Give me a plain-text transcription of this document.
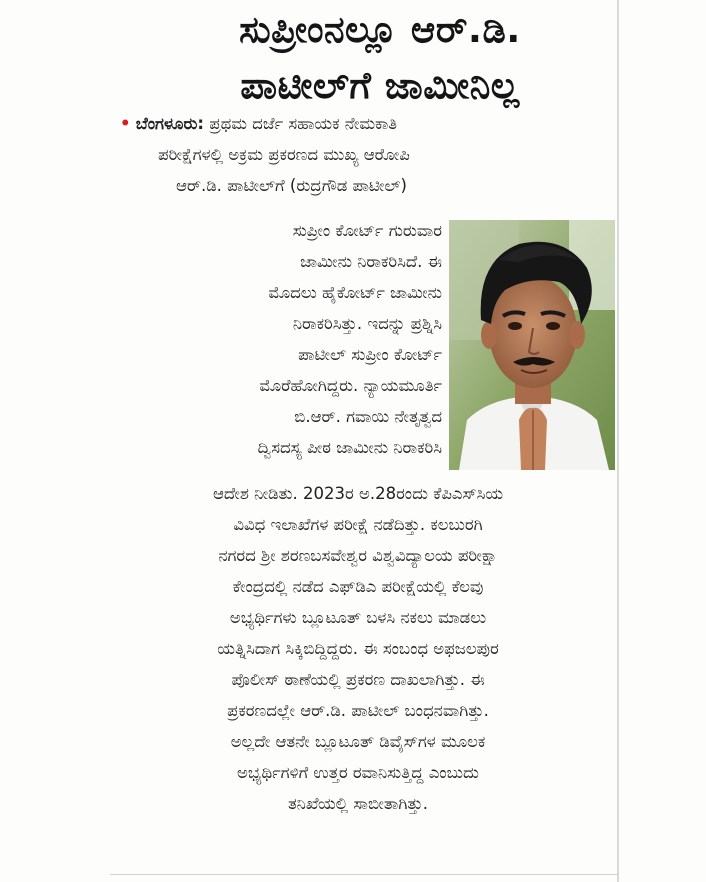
ಸುಪ್ರೀಂನಲ್ಲೂ ಆರ್.ಡಿ.
ಪಾಟೀಲ್‌ಗೆ ಜಾಮೀನಿಲ್ಲ
• ಬೆಂಗಳೂರು: ಪ್ರಥಮ ದರ್ಜೆ ಸಹಾಯಕ ನೇಮಕಾತಿ
ಪರೀಕ್ಷೆಗಳಲ್ಲಿ ಅಕ್ರಮ ಪ್ರಕರಣದ ಮುಖ್ಯ ಆರೋಪಿ
ಆರ್.ಡಿ. ಪಾಟೀಲ್‌ಗೆ (ರುದ್ರಗೌಡ ಪಾಟೀಲ್)
ಸುಪ್ರೀಂ ಕೋರ್ಟ್ ಗುರುವಾರ
ಜಾಮೀನು ನಿರಾಕರಿಸಿದೆ. ಈ
ಮೊದಲು ಹೈಕೋರ್ಟ್ ಜಾಮೀನು
ನಿರಾಕರಿಸಿತ್ತು. ಇದನ್ನು ಪ್ರಶ್ನಿಸಿ
ಪಾಟೀಲ್ ಸುಪ್ರೀಂ ಕೋರ್ಟ್
ಮೊರೆಹೋಗಿದ್ದರು. ನ್ಯಾಯಮೂರ್ತಿ
ಬಿ.ಆರ್. ಗವಾಯಿ ನೇತೃತ್ವದ
ದ್ವಿಸದಸ್ಯ ಪೀಠ ಜಾಮೀನು ನಿರಾಕರಿಸಿ
ಆದೇಶ ನೀಡಿತು. 2023ರ ಅ.28ರಂದು ಕೆಪಿಎಸ್‌ಸಿಯ
ವಿವಿಧ ಇಲಾಖೆಗಳ ಪರೀಕ್ಷೆ ನಡೆದಿತ್ತು. ಕಲಬುರಗಿ
ನಗರದ ಶ್ರೀ ಶರಣಬಸವೇಶ್ವರ ವಿಶ್ವವಿದ್ಯಾಲಯ ಪರೀಕ್ಷಾ
ಕೇಂದ್ರದಲ್ಲಿ ನಡೆದ ಎಫ್‌ಡಿಎ ಪರೀಕ್ಷೆಯಲ್ಲಿ ಕೆಲವು
ಅಭ್ಯರ್ಥಿಗಳು ಬ್ಲೂಟೂತ್ ಬಳಸಿ ನಕಲು ಮಾಡಲು
ಯತ್ನಿಸಿದಾಗ ಸಿಕ್ಕಿಬಿದ್ದಿದ್ದರು. ಈ ಸಂಬಂಧ ಅಫಜಲಪುರ
ಪೊಲೀಸ್ ಠಾಣೆಯಲ್ಲಿ ಪ್ರಕರಣ ದಾಖಲಾಗಿತ್ತು. ಈ
ಪ್ರಕರಣದಲ್ಲೇ ಆರ್.ಡಿ. ಪಾಟೀಲ್ ಬಂಧನವಾಗಿತ್ತು.
ಅಲ್ಲದೇ ಆತನೇ ಬ್ಲೂಟೂತ್ ಡಿವೈಸ್‌ಗಳ ಮೂಲಕ
ಅಭ್ಯರ್ಥಿಗಳಿಗೆ ಉತ್ತರ ರವಾನಿಸುತ್ತಿದ್ದ ಎಂಬುದು
ತನಿಖೆಯಲ್ಲಿ ಸಾಬೀತಾಗಿತ್ತು.
